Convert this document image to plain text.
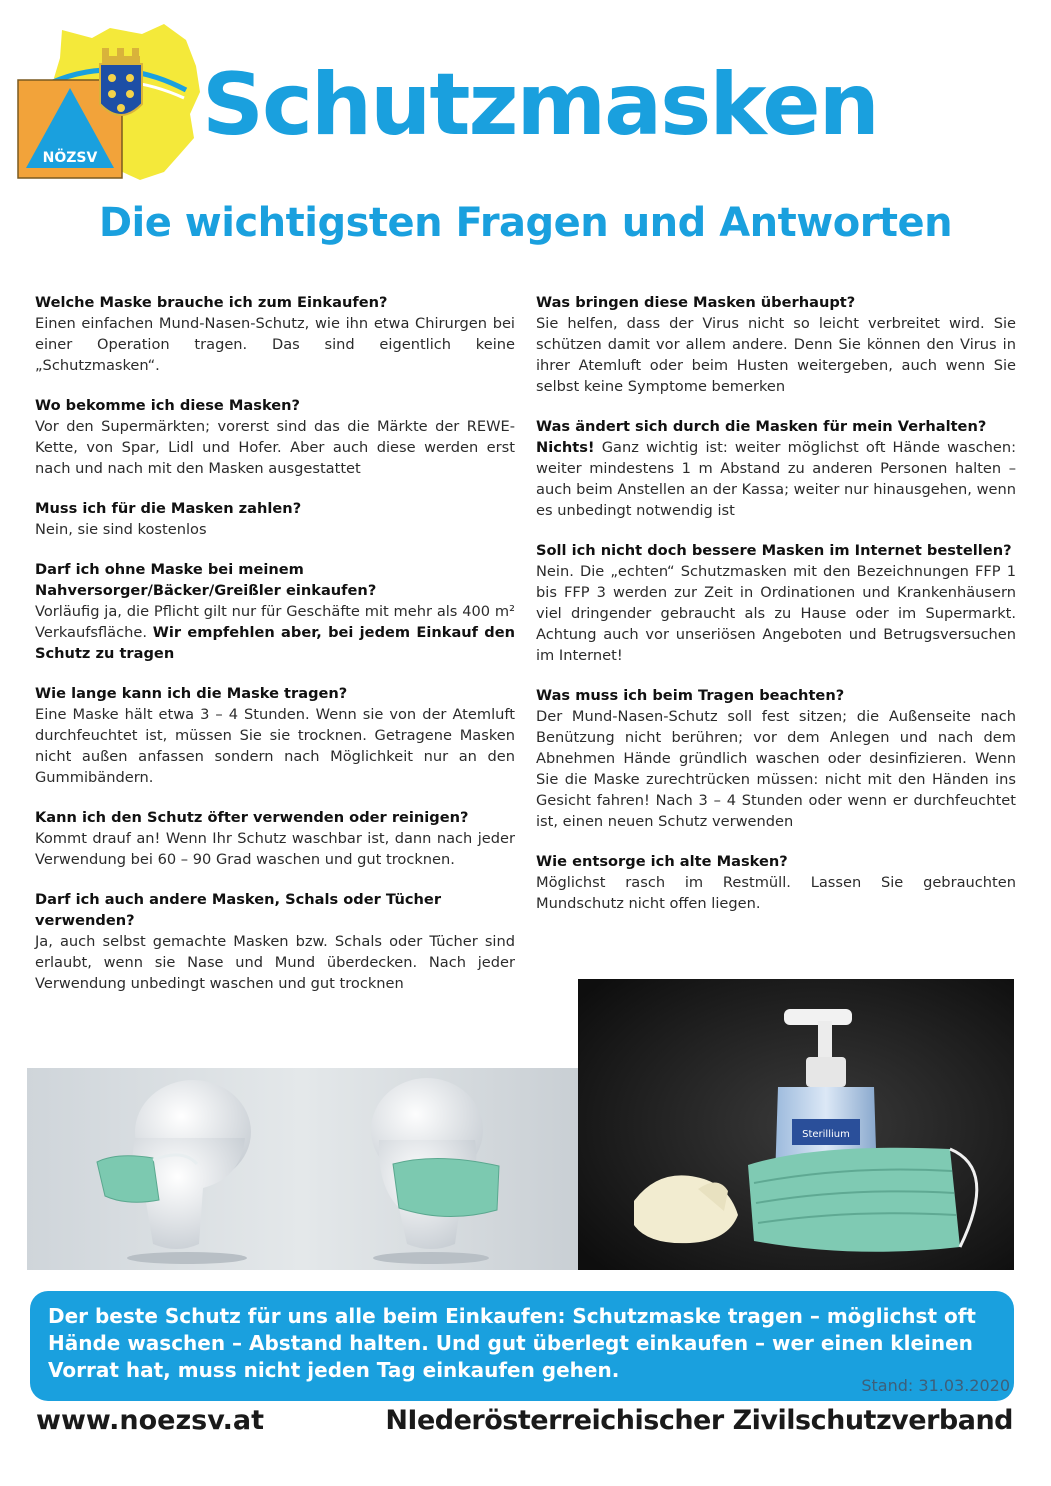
NÖZSV
Schutzmasken
Die wichtigsten Fragen und Antworten
Welche Maske brauche ich zum Einkaufen?
Einen einfachen Mund-Nasen-Schutz, wie ihn etwa Chirurgen bei einer Operation tragen. Das sind eigentlich keine „Schutzmasken“.
Wo bekomme ich diese Masken?
Vor den Supermärkten; vorerst sind das die Märkte der REWE-Kette, von Spar, Lidl und Hofer. Aber auch diese werden erst nach und nach mit den Masken ausgestattet
Muss ich für die Masken zahlen?
Nein, sie sind kostenlos
Darf ich ohne Maske bei meinem Nahversorger/Bäcker/Greißler einkaufen?
Vorläufig ja, die Pflicht gilt nur für Geschäfte mit mehr als 400 m² Verkaufsfläche. Wir empfehlen aber, bei jedem Einkauf den Schutz zu tragen
Wie lange kann ich die Maske tragen?
Eine Maske hält etwa 3 – 4 Stunden. Wenn sie von der Atemluft durchfeuchtet ist, müssen Sie sie trocknen. Getragene Masken nicht außen anfassen sondern nach Möglichkeit nur an den Gummibändern.
Kann ich den Schutz öfter verwenden oder reinigen?
Kommt drauf an! Wenn Ihr Schutz waschbar ist, dann nach jeder Verwendung bei 60 – 90 Grad waschen und gut trocknen.
Darf ich auch andere Masken, Schals oder Tücher verwenden?
Ja, auch selbst gemachte Masken bzw. Schals oder Tücher sind erlaubt, wenn sie Nase und Mund überdecken. Nach jeder Verwendung unbedingt waschen und gut trocknen
Was bringen diese Masken überhaupt?
Sie helfen, dass der Virus nicht so leicht verbreitet wird. Sie schützen damit vor allem andere. Denn Sie können den Virus in ihrer Atemluft oder beim Husten weitergeben, auch wenn Sie selbst keine Symptome bemerken
Was ändert sich durch die Masken für mein Verhalten?
Nichts! Ganz wichtig ist: weiter möglichst oft Hände waschen: weiter mindestens 1 m Abstand zu anderen Personen halten – auch beim Anstellen an der Kassa; weiter nur hinausgehen, wenn es unbedingt notwendig ist
Soll ich nicht doch bessere Masken im Internet bestellen?
Nein. Die „echten“ Schutzmasken mit den Bezeichnungen FFP 1 bis FFP 3 werden zur Zeit in Ordinationen und Krankenhäusern viel dringender gebraucht als zu Hause oder im Supermarkt. Achtung auch vor unseriösen Angeboten und Betrugsversuchen im Internet!
Was muss ich beim Tragen beachten?
Der Mund-Nasen-Schutz soll fest sitzen; die Außenseite nach Benützung nicht berühren; vor dem Anlegen und nach dem Abnehmen Hände gründlich waschen oder desinfizieren. Wenn Sie die Maske zurechtrücken müssen: nicht mit den Händen ins Gesicht fahren! Nach 3 – 4 Stunden oder wenn er durchfeuchtet ist, einen neuen Schutz verwenden
Wie entsorge ich alte Masken?
Möglichst rasch im Restmüll. Lassen Sie gebrauchten Mundschutz nicht offen liegen.
Sterillium
Der beste Schutz für uns alle beim Einkaufen: Schutzmaske tragen – möglichst oft Hände waschen – Abstand halten. Und gut überlegt einkaufen – wer einen kleinen Vorrat hat, muss nicht jeden Tag einkaufen gehen.
Stand: 31.03.2020
www.noezsv.at	NIederösterreichischer Zivilschutzverband
